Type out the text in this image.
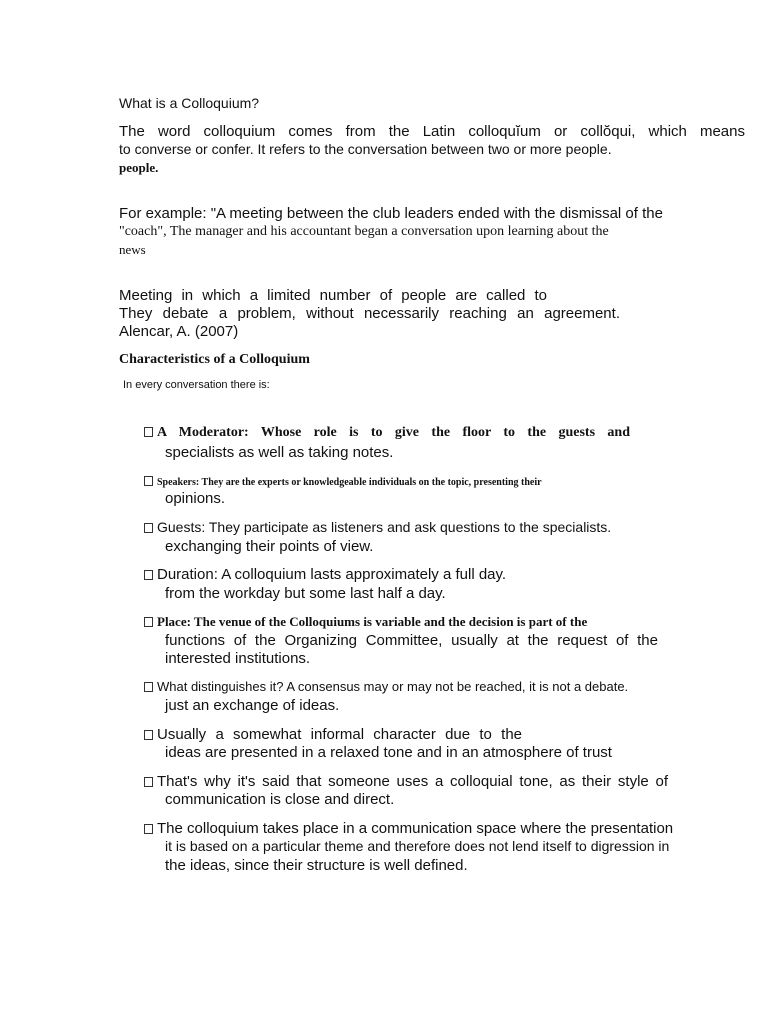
What is a Colloquium?
The word colloquium comes from the Latin colloquĭum or collŏqui, which means
to converse or confer. It refers to the conversation between two or more people.
people.
For example: "A meeting between the club leaders ended with the dismissal of the
"coach", The manager and his accountant began a conversation upon learning about the
news
Meeting in which a limited number of people are called to
They debate a problem, without necessarily reaching an agreement.
Alencar, A. (2007)
Characteristics of a Colloquium
In every conversation there is:
A Moderator: Whose role is to give the floor to the guests and
specialists as well as taking notes.
Speakers: They are the experts or knowledgeable individuals on the topic, presenting their
opinions.
Guests: They participate as listeners and ask questions to the specialists.
exchanging their points of view.
Duration: A colloquium lasts approximately a full day.
from the workday but some last half a day.
Place: The venue of the Colloquiums is variable and the decision is part of the
functions of the Organizing Committee, usually at the request of the
interested institutions.
What distinguishes it? A consensus may or may not be reached, it is not a debate.
just an exchange of ideas.
Usually a somewhat informal character due to the
ideas are presented in a relaxed tone and in an atmosphere of trust
That's why it's said that someone uses a colloquial tone, as their style of
communication is close and direct.
The colloquium takes place in a communication space where the presentation
it is based on a particular theme and therefore does not lend itself to digression in
the ideas, since their structure is well defined.
